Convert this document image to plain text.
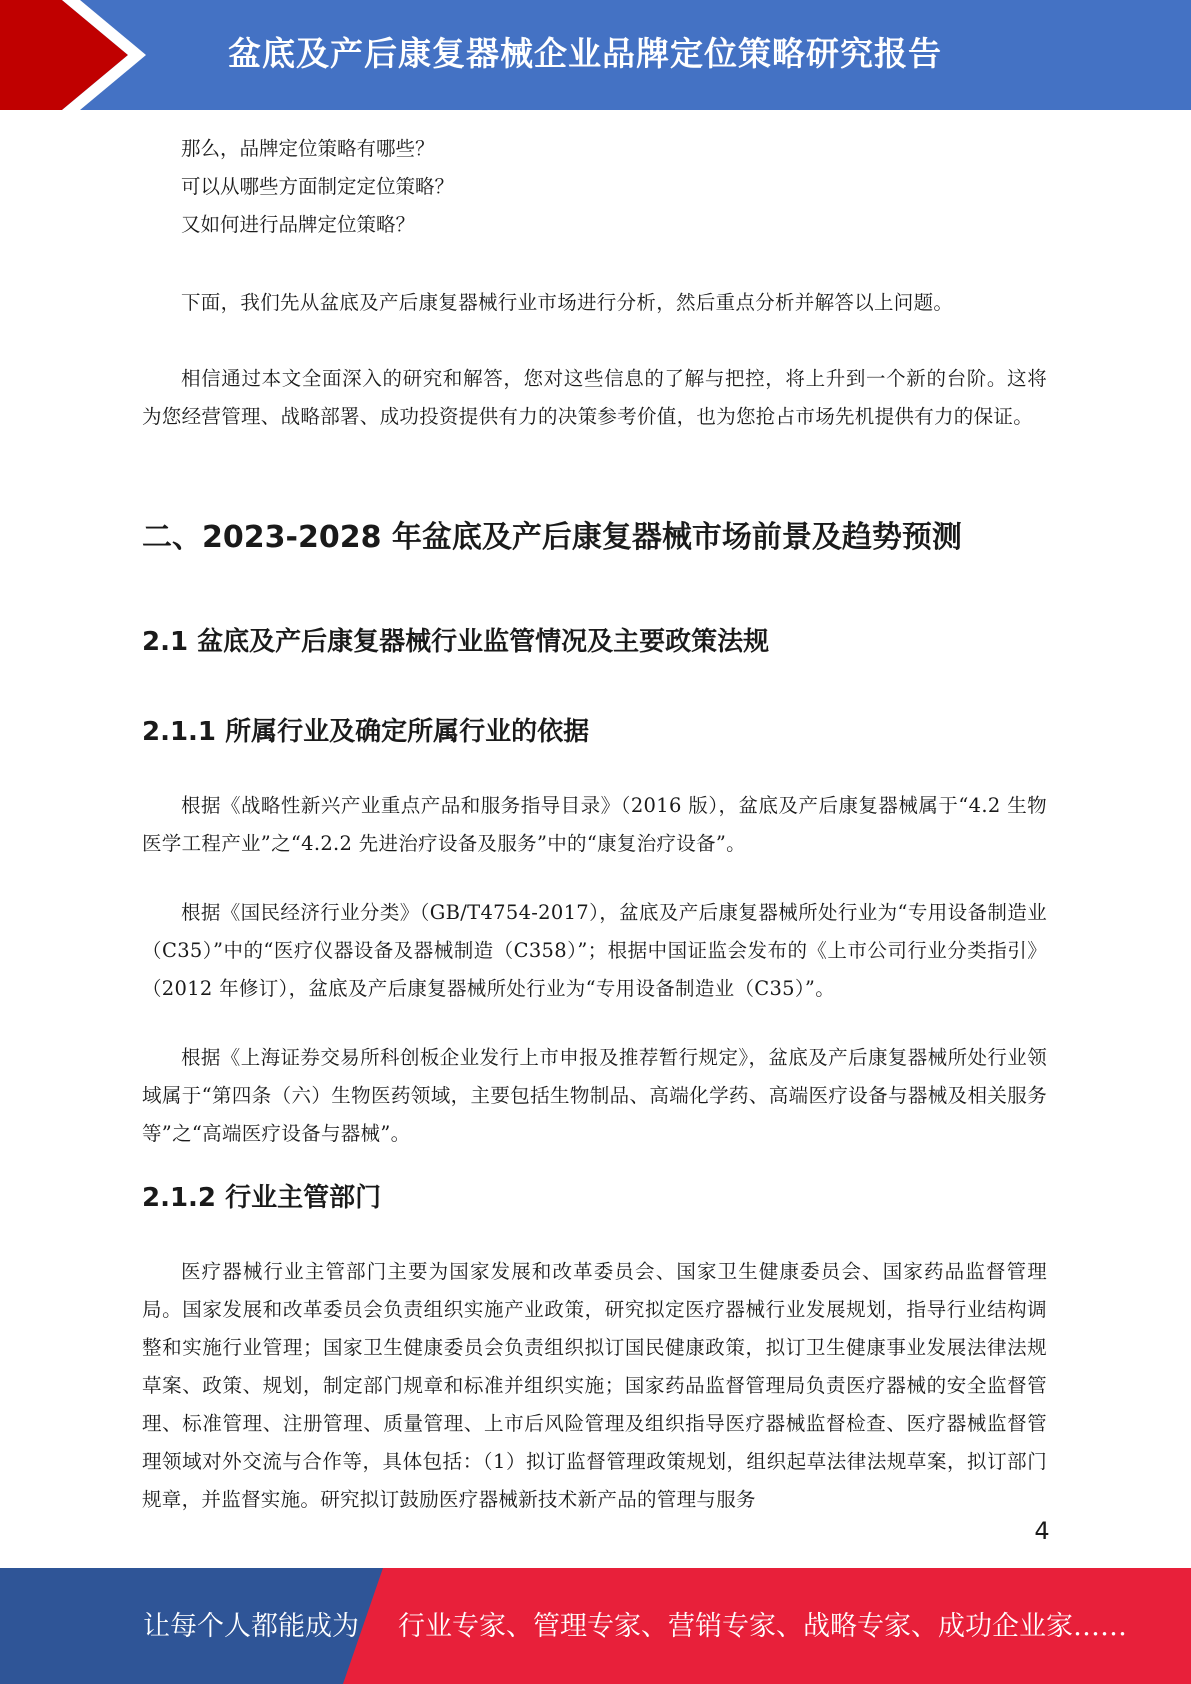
盆底及产后康复器械企业品牌定位策略研究报告

那么，品牌定位策略有哪些？

可以从哪些方面制定定位策略？

又如何进行品牌定位策略？

下面，我们先从盆底及产后康复器械行业市场进行分析，然后重点分析并解答以上问题。

相信通过本文全面深入的研究和解答，您对这些信息的了解与把控，将上升到一个新的台阶。这将为您经营管理、战略部署、成功投资提供有力的决策参考价值，也为您抢占市场先机提供有力的保证。

二、2023-2028 年盆底及产后康复器械市场前景及趋势预测
2.1 盆底及产后康复器械行业监管情况及主要政策法规
2.1.1 所属行业及确定所属行业的依据

根据《战略性新兴产业重点产品和服务指导目录》（2016 版），盆底及产后康复器械属于“4.2 生物医学工程产业”之“4.2.2 先进治疗设备及服务”中的“康复治疗设备”。

根据《国民经济行业分类》（GB/T4754-2017），盆底及产后康复器械所处行业为“专用设备制造业（C35）”中的“医疗仪器设备及器械制造（C358）”；根据中国证监会发布的《上市公司行业分类指引》（2012 年修订），盆底及产后康复器械所处行业为“专用设备制造业（C35）”。

根据《上海证券交易所科创板企业发行上市申报及推荐暂行规定》，盆底及产后康复器械所处行业领域属于“第四条（六）生物医药领域，主要包括生物制品、高端化学药、高端医疗设备与器械及相关服务等”之“高端医疗设备与器械”。

2.1.2 行业主管部门

医疗器械行业主管部门主要为国家发展和改革委员会、国家卫生健康委员会、国家药品监督管理局。国家发展和改革委员会负责组织实施产业政策，研究拟定医疗器械行业发展规划，指导行业结构调整和实施行业管理；国家卫生健康委员会负责组织拟订国民健康政策，拟订卫生健康事业发展法律法规草案、政策、规划，制定部门规章和标准并组织实施；国家药品监督管理局负责医疗器械的安全监督管理、标准管理、注册管理、质量管理、上市后风险管理及组织指导医疗器械监督检查、医疗器械监督管理领域对外交流与合作等，具体包括：（1）拟订监督管理政策规划，组织起草法律法规草案，拟订部门规章，并监督实施。研究拟订鼓励医疗器械新技术新产品的管理与服务

4
让每个人都能成为 行业专家、管理专家、营销专家、战略专家、成功企业家……
